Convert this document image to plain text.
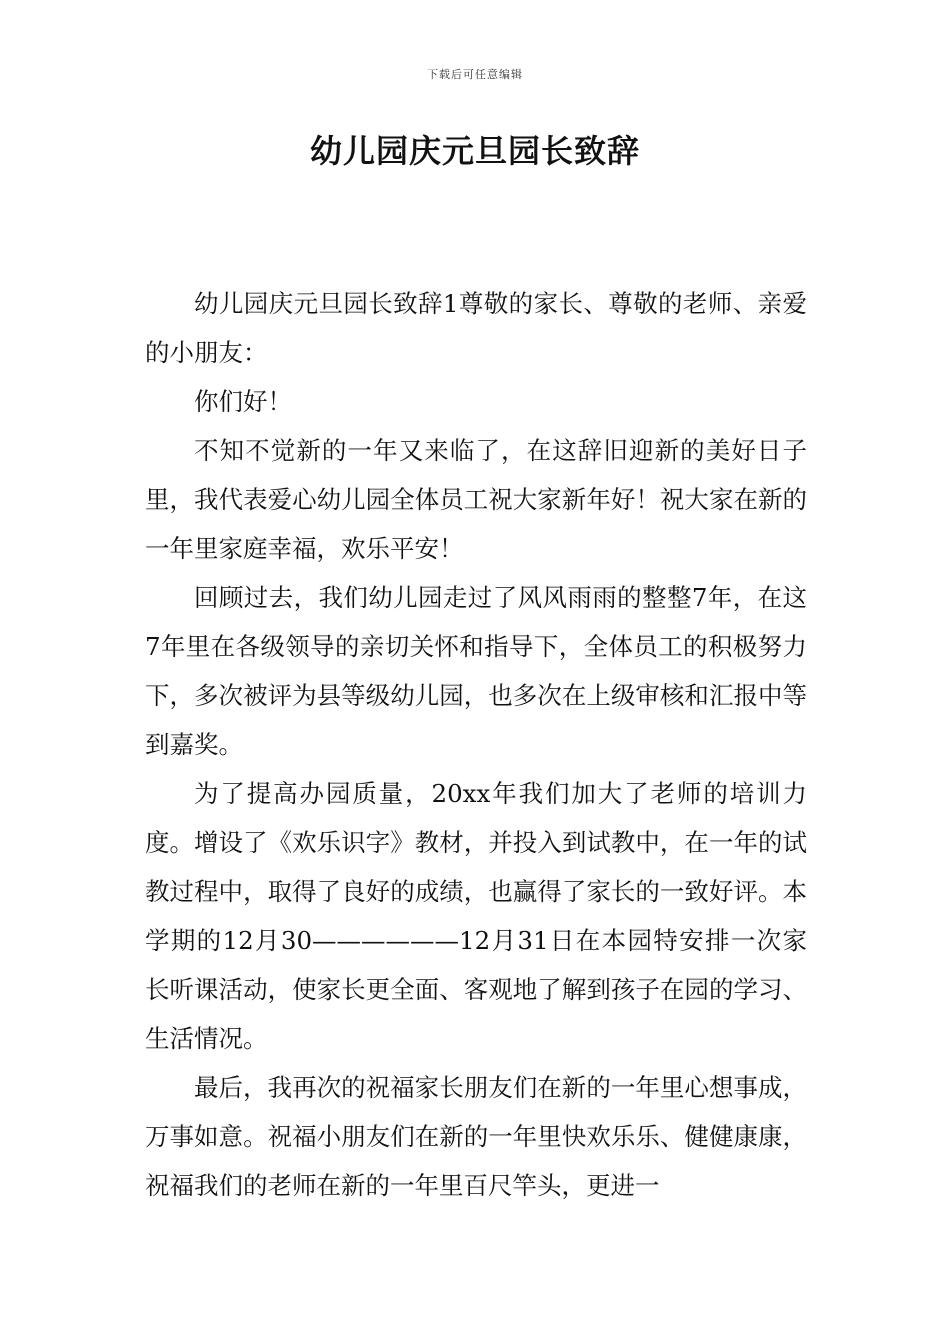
下载后可任意编辑
幼儿园庆元旦园长致辞

幼儿园庆元旦园长致辞1尊敬的家长、尊敬的老师、亲爱的小朋友：

你们好！

不知不觉新的一年又来临了，在这辞旧迎新的美好日子里，我代表爱心幼儿园全体员工祝大家新年好！祝大家在新的一年里家庭幸福，欢乐平安！

回顾过去，我们幼儿园走过了风风雨雨的整整7年，在这7年里在各级领导的亲切关怀和指导下，全体员工的积极努力下，多次被评为县等级幼儿园，也多次在上级审核和汇报中等到嘉奖。

为了提高办园质量，20xx年我们加大了老师的培训力度。增设了《欢乐识字》教材，并投入到试教中，在一年的试教过程中，取得了良好的成绩，也赢得了家长的一致好评。本学期的12月30——————12月31日在本园特安排一次家长听课活动，使家长更全面、客观地了解到孩子在园的学习、生活情况。

最后，我再次的祝福家长朋友们在新的一年里心想事成，万事如意。祝福小朋友们在新的一年里快欢乐乐、健健康康，祝福我们的老师在新的一年里百尺竿头，更进一
